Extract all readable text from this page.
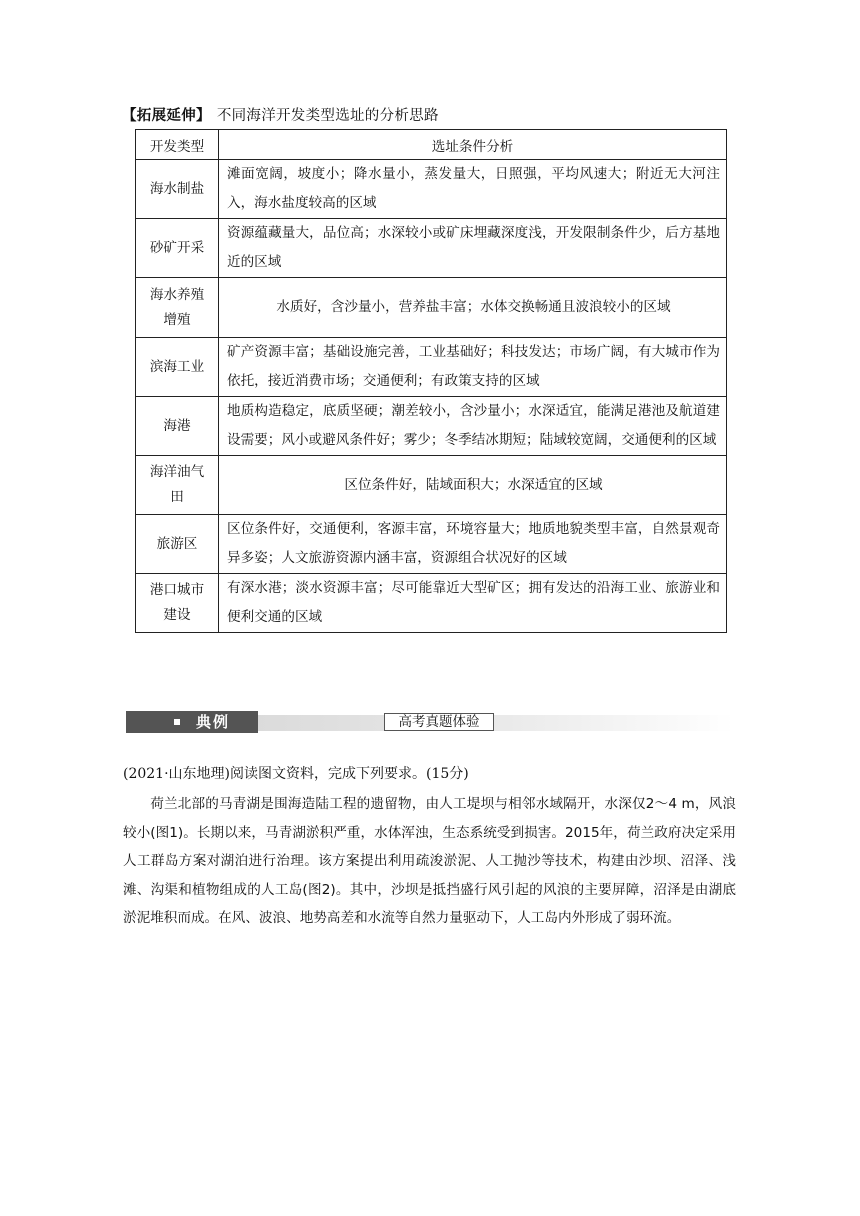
【拓展延伸】 不同海洋开发类型选址的分析思路
开发类型	选址条件分析
海水制盐	滩面宽阔，坡度小；降水量小，蒸发量大，日照强，平均风速大；附近无大河注入，海水盐度较高的区域
砂矿开采	资源蕴藏量大，品位高；水深较小或矿床埋藏深度浅，开发限制条件少，后方基地近的区域
海水养殖增殖	水质好，含沙量小，营养盐丰富；水体交换畅通且波浪较小的区域
滨海工业	矿产资源丰富；基础设施完善，工业基础好；科技发达；市场广阔，有大城市作为依托，接近消费市场；交通便利；有政策支持的区域
海港	地质构造稳定，底质坚硬；潮差较小，含沙量小；水深适宜，能满足港池及航道建设需要；风小或避风条件好；雾少；冬季结冰期短；陆域较宽阔，交通便利的区域
海洋油气田	区位条件好，陆域面积大；水深适宜的区域
旅游区	区位条件好，交通便利，客源丰富，环境容量大；地质地貌类型丰富，自然景观奇异多姿；人文旅游资源内涵丰富，资源组合状况好的区域
港口城市建设	有深水港；淡水资源丰富；尽可能靠近大型矿区；拥有发达的沿海工业、旅游业和便利交通的区域
典例	高考真题体验
(2021·山东地理)阅读图文资料，完成下列要求。(15分)
荷兰北部的马青湖是围海造陆工程的遗留物，由人工堤坝与相邻水域隔开，水深仅2～4 m，风浪较小(图1)。长期以来，马青湖淤积严重，水体浑浊，生态系统受到损害。2015年，荷兰政府决定采用人工群岛方案对湖泊进行治理。该方案提出利用疏浚淤泥、人工抛沙等技术，构建由沙坝、沼泽、浅滩、沟渠和植物组成的人工岛(图2)。其中，沙坝是抵挡盛行风引起的风浪的主要屏障，沼泽是由湖底淤泥堆积而成。在风、波浪、地势高差和水流等自然力量驱动下，人工岛内外形成了弱环流。
